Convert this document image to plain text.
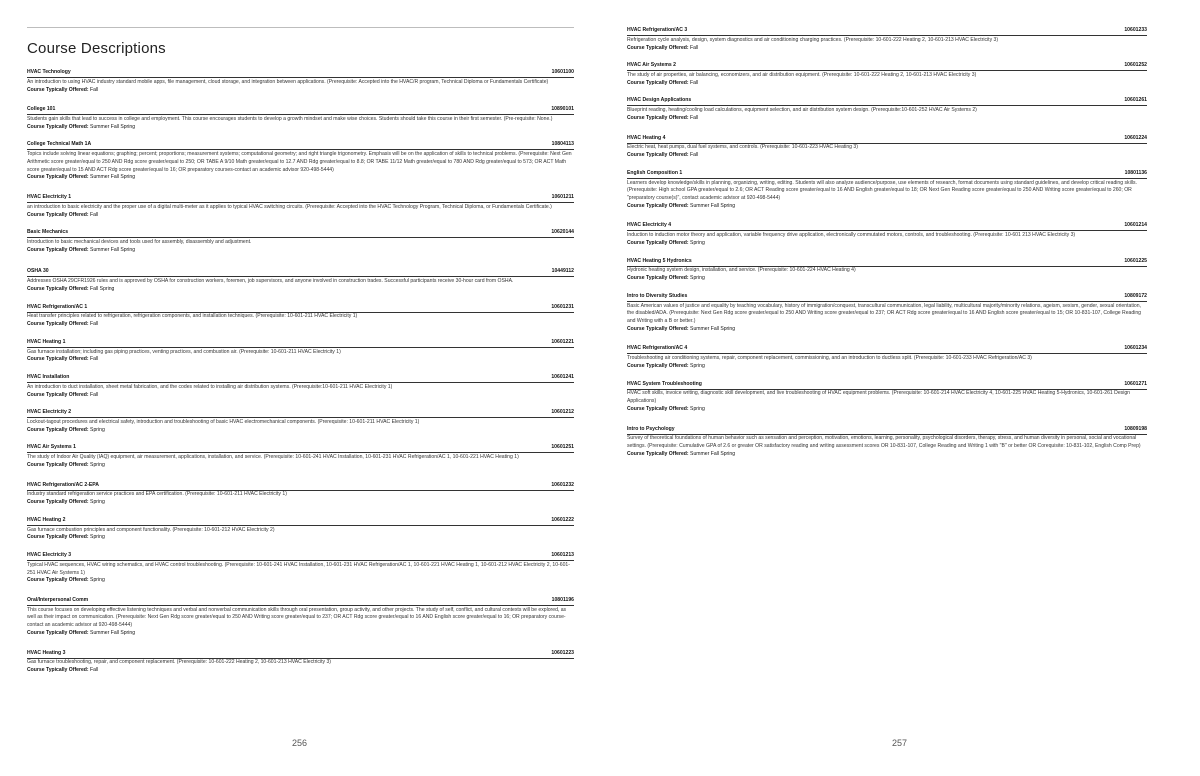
Course Descriptions
HVAC Technology	10601100
An introduction to using HVAC industry standard mobile apps, file management, cloud storage, and integration between applications. (Prerequisite: Accepted into the HVAC/R program, Technical Diploma or Fundamentals Certificate)
Course Typically Offered: Fall
College 101	10890101
Students gain skills that lead to success in college and employment. This course encourages students to develop a growth mindset and make wise choices. Students should take this course in their first semester. (Pre-requisite: None.)
Course Typically Offered: Summer Fall Spring
College Technical Math 1A	10804113
Topics include solving linear equations; graphing; percent; proportions; measurement systems; computational geometry; and right triangle trigonometry. Emphasis will be on the application of skills to technical problems. (Prerequisite: Next Gen Arithmetic score greater/equal to 250 AND Rdg score greater/equal to 250; OR TABE A 9/10 Math greater/equal to 12.7 AND Rdg greater/equal to 8.8; OR TABE 11/12 Math greater/equal to 780 AND Rdg greater/equal to 573; OR ACT Math score greater/equal to 15 AND ACT Rdg score greater/equal to 16; OR preparatory courses-contact an academic advisor 920-498-5444)
Course Typically Offered: Summer Fall Spring
HVAC Electricity 1	10601211
an introduction to basic electricity and the proper use of a digital multi-meter as it applies to typical HVAC switching circuits. (Prerequisite: Accepted into the HVAC Technology Program, Technical Diploma, or Fundamentals Certificate.)
Course Typically Offered: Fall
Basic Mechanics	10620144
Introduction to basic mechanical devices and tools used for assembly, disassembly and adjustment.
Course Typically Offered: Summer Fall Spring
OSHA 30	10449112
Addresses OSHA 29CFR1926 rules and is approved by OSHA for construction workers, foremen, job supervisors, and anyone involved in construction trades. Successful participants receive 30-hour card from OSHA.
Course Typically Offered: Fall Spring
HVAC Refrigeration/AC 1	10601231
Heat transfer principles related to refrigeration, refrigeration components, and installation techniques. (Prerequisite: 10-601-211 HVAC Electricity 1)
Course Typically Offered: Fall
HVAC Heating 1	10601221
Gas furnace installation; including gas piping practices, venting practices, and combustion air. (Prerequisite: 10-601-211 HVAC Electricity 1)
Course Typically Offered: Fall
HVAC Installation	10601241
An introduction to duct installation, sheet metal fabrication, and the codes related to installing air distribution systems. (Prerequisite:10-601-211 HVAC Electricity 1)
Course Typically Offered: Fall
HVAC Electricity 2	10601212
Lockout-tagout procedures and electrical safety, introduction and troubleshooting of basic HVAC electromechanical components. (Prerequisite: 10-601-211 HVAC Electricity 1)
Course Typically Offered: Spring
HVAC Air Systems 1	10601251
The study of Indoor Air Quality (IAQ) equipment, air measurement, applications, installation, and service. (Prerequisite: 10-601-241 HVAC Installation, 10-601-231 HVAC Refrigeration/AC 1, 10-601-221 HVAC Heating 1)
Course Typically Offered: Spring
HVAC Refrigeration/AC 2-EPA	10601232
Industry standard refrigeration service practices and EPA certification. (Prerequisite: 10-601-211 HVAC Electricity 1)
Course Typically Offered: Spring
HVAC Heating 2	10601222
Gas furnace combustion principles and component functionality. (Prerequisite: 10-601-212 HVAC Electricity 2)
Course Typically Offered: Spring
HVAC Electricity 3	10601213
Typical HVAC sequences, HVAC wiring schematics, and HVAC control troubleshooting. (Prerequisite: 10-601-241 HVAC Installation, 10-601-231 HVAC Refrigeration/AC 1, 10-601-221 HVAC Heating 1, 10-601-212 HVAC Electricity 2, 10-601-251 HVAC Air Systems 1)
Course Typically Offered: Spring
Oral/Interpersonal Comm	10801196
This course focuses on developing effective listening techniques and verbal and nonverbal communication skills through oral presentation, group activity, and other projects. The study of self, conflict, and cultural contexts will be explored, as well as their impact on communication. (Prerequisite: Next Gen Rdg score greater/equal to 250 AND Writing score greater/equal to 237; OR ACT Rdg score greater/equal to 16 AND English score greater/equal to 16; OR preparatory course-contact an academic advisor at 920-498-5444)
Course Typically Offered: Summer Fall Spring
HVAC Heating 3	10601223
Gas furnace troubleshooting, repair, and component replacement. (Prerequisite: 10-601-222 Heating 2, 10-601-213 HVAC Electricity 3)
Course Typically Offered: Fall
256
HVAC Refrigeration/AC 3	10601233
Refrigeration cycle analysis, design, system diagnostics and air conditioning charging practices. (Prerequisite: 10-601-222 Heating 2, 10-601-213 HVAC Electricity 3)
Course Typically Offered: Fall
HVAC Air Systems 2	10601252
The study of air properties, air balancing, economizers, and air distribution equipment. (Prerequisite: 10-601-222 Heating 2, 10-601-213 HVAC Electricity 3)
Course Typically Offered: Fall
HVAC Design Applications	10601261
Blueprint reading, heating/cooling load calculations, equipment selection, and air distribution system design. (Prerequisite:10-601-252 HVAC Air Systems 2)
Course Typically Offered: Fall
HVAC Heating 4	10601224
Electric heat, heat pumps, dual fuel systems, and controls. (Prerequisite: 10-601-223 HVAC Heating 3)
Course Typically Offered: Fall
English Composition 1	10801136
Learners develop knowledge/skills in planning, organizing, writing, editing. Students will also analyze audience/purpose, use elements of research, format documents using standard guidelines, and develop critical reading skills. (Prerequisite: High school GPA greater/equal to 2.6; OR ACT Reading score greater/equal to 16 AND English greater/equal to 18; OR Next Gen Reading score greater/equal to 250 AND Writing score greater/equal to 260; OR "preparatory course(s)", contact academic advisor at 920-498-5444)
Course Typically Offered: Summer Fall Spring
HVAC Electricity 4	10601214
Induction to induction motor theory and application, variable frequency drive application, electronically commutated motors, controls, and troubleshooting. (Prerequisite: 10-601 213 HVAC Electricity 3)
Course Typically Offered: Spring
HVAC Heating 5 Hydronics	10601225
Hydronic heating system design, installation, and service. (Prerequisite: 10-601-224 HVAC Heating 4)
Course Typically Offered: Spring
Intro to Diversity Studies	10809172
Basic American values of justice and equality by teaching vocabulary, history of immigration/conquest, transcultural communication, legal liability, multicultural majority/minority relations, ageism, sexism, gender, sexual orientation, the disabled/ADA. (Prerequisite: Next Gen Rdg score greater/equal to 250 AND Writing score greater/equal to 237; OR ACT Rdg score greater/equal to 16 AND English score greater/equal to 15; OR 10-831-107, College Reading and Writing with a B or better.)
Course Typically Offered: Summer Fall Spring
HVAC Refrigeration/AC 4	10601234
Troubleshooting air conditioning systems, repair, component replacement, commissioning, and an introduction to ductless split. (Prerequisite: 10-601-233 HVAC Refrigeration/AC 3)
Course Typically Offered: Spring
HVAC System Troubleshooting	10601271
HVAC soft skills, invoice writing, diagnostic skill development, and live troubleshooting of HVAC equipment problems. (Prerequisite: 10-601-214 HVAC Electricity 4, 10-601-225 HVAC Heating 5-Hydronics, 10-601-261 Design Applications)
Course Typically Offered: Spring
Intro to Psychology	10809198
Survey of theoretical foundations of human behavior such as sensation and perception, motivation, emotions, learning, personality, psychological disorders, therapy, stress, and human diversity in personal, social and vocational settings. (Prerequisite: Cumulative GPA of 2.6 or greater OR satisfactory reading and writing assessment scores OR 10-831-107, College Reading and Writing 1 with "B" or better OR Corequisite: 10-831-102, English Comp Prep)
Course Typically Offered: Summer Fall Spring
257
